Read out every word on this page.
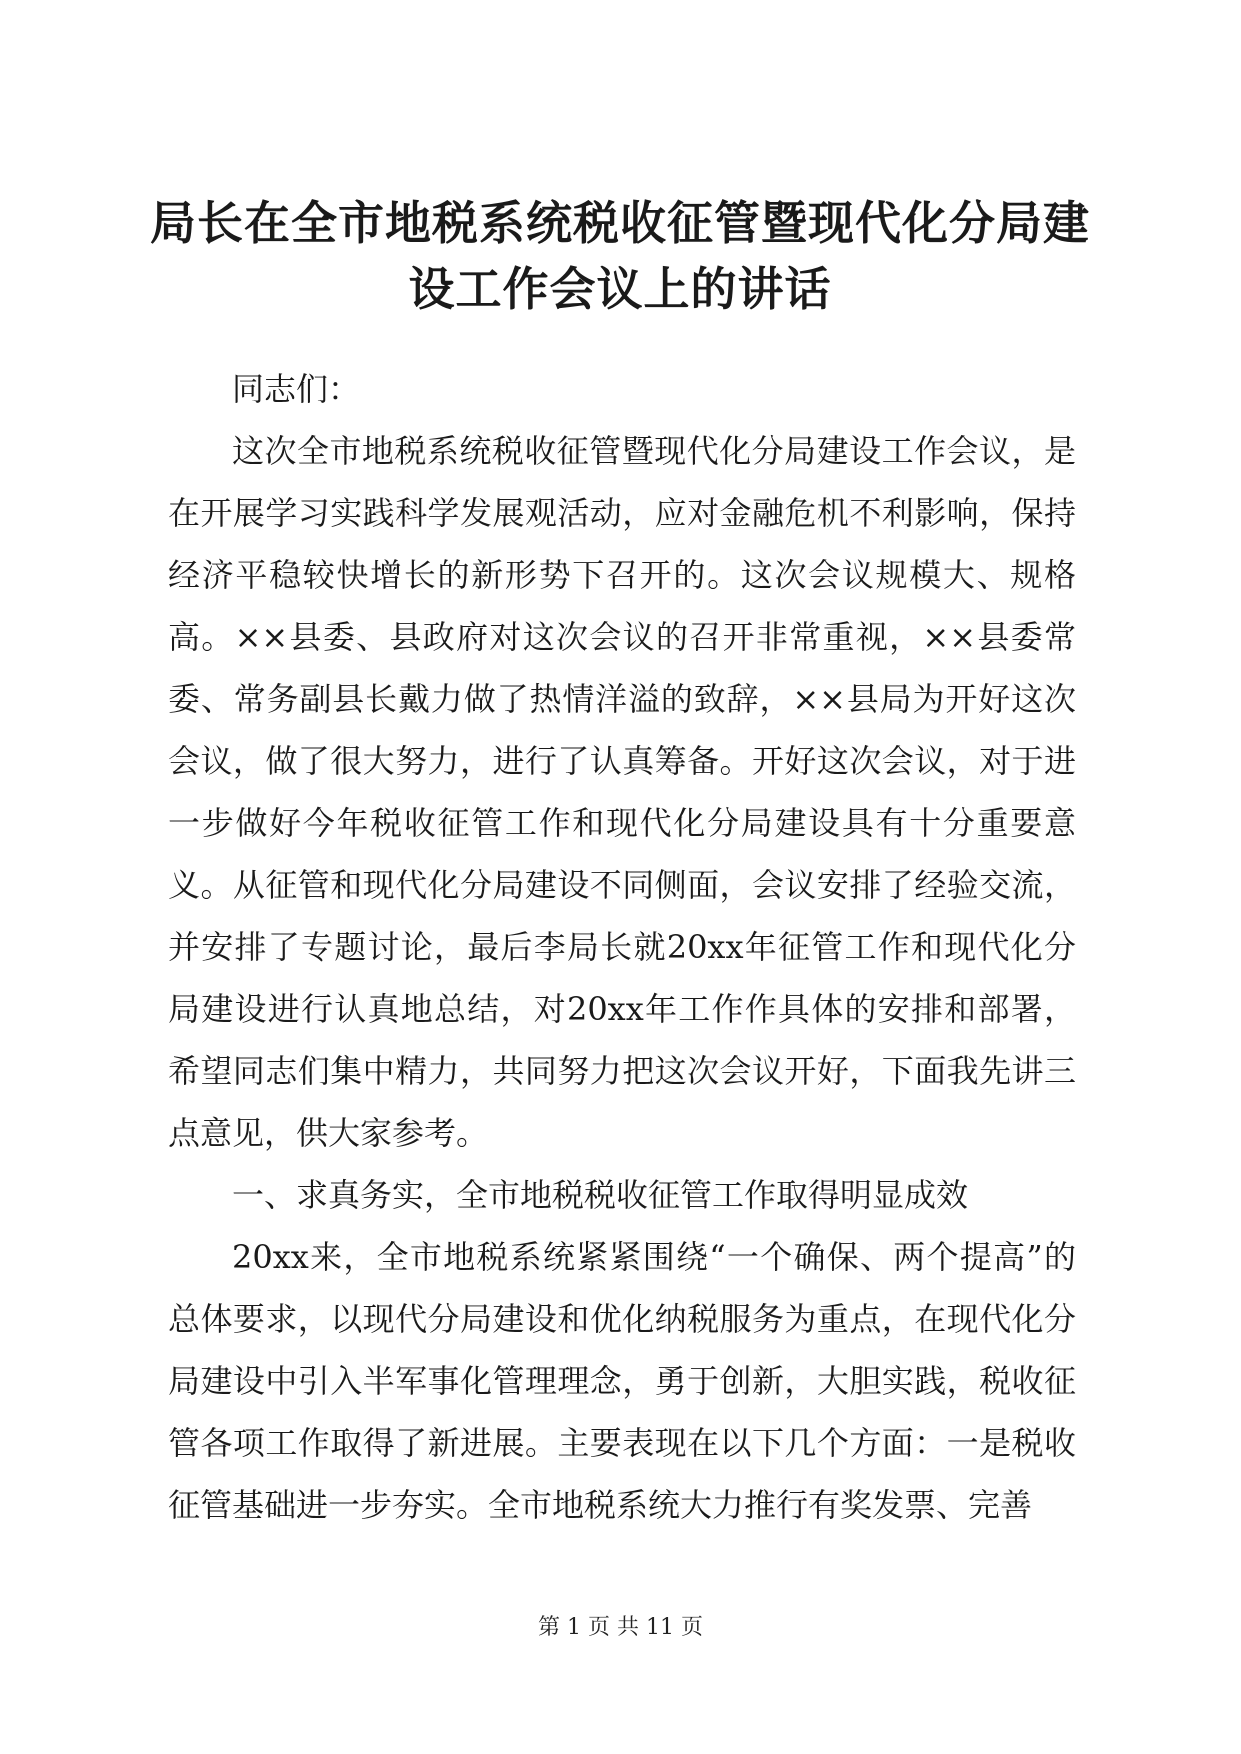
局长在全市地税系统税收征管暨现代化分局建设工作会议上的讲话

同志们：

这次全市地税系统税收征管暨现代化分局建设工作会议，是在开展学习实践科学发展观活动，应对金融危机不利影响，保持经济平稳较快增长的新形势下召开的。这次会议规模大、规格高。××县委、县政府对这次会议的召开非常重视，××县委常委、常务副县长戴力做了热情洋溢的致辞，××县局为开好这次会议，做了很大努力，进行了认真筹备。开好这次会议，对于进一步做好今年税收征管工作和现代化分局建设具有十分重要意义。从征管和现代化分局建设不同侧面，会议安排了经验交流，并安排了专题讨论，最后李局长就20xx年征管工作和现代化分局建设进行认真地总结，对20xx年工作作具体的安排和部署，希望同志们集中精力，共同努力把这次会议开好，下面我先讲三点意见，供大家参考。

一、求真务实，全市地税税收征管工作取得明显成效

20xx来，全市地税系统紧紧围绕“一个确保、两个提高”的总体要求，以现代分局建设和优化纳税服务为重点，在现代化分局建设中引入半军事化管理理念，勇于创新，大胆实践，税收征管各项工作取得了新进展。主要表现在以下几个方面：一是税收征管基础进一步夯实。全市地税系统大力推行有奖发票、完善

第 1 页 共 11 页
